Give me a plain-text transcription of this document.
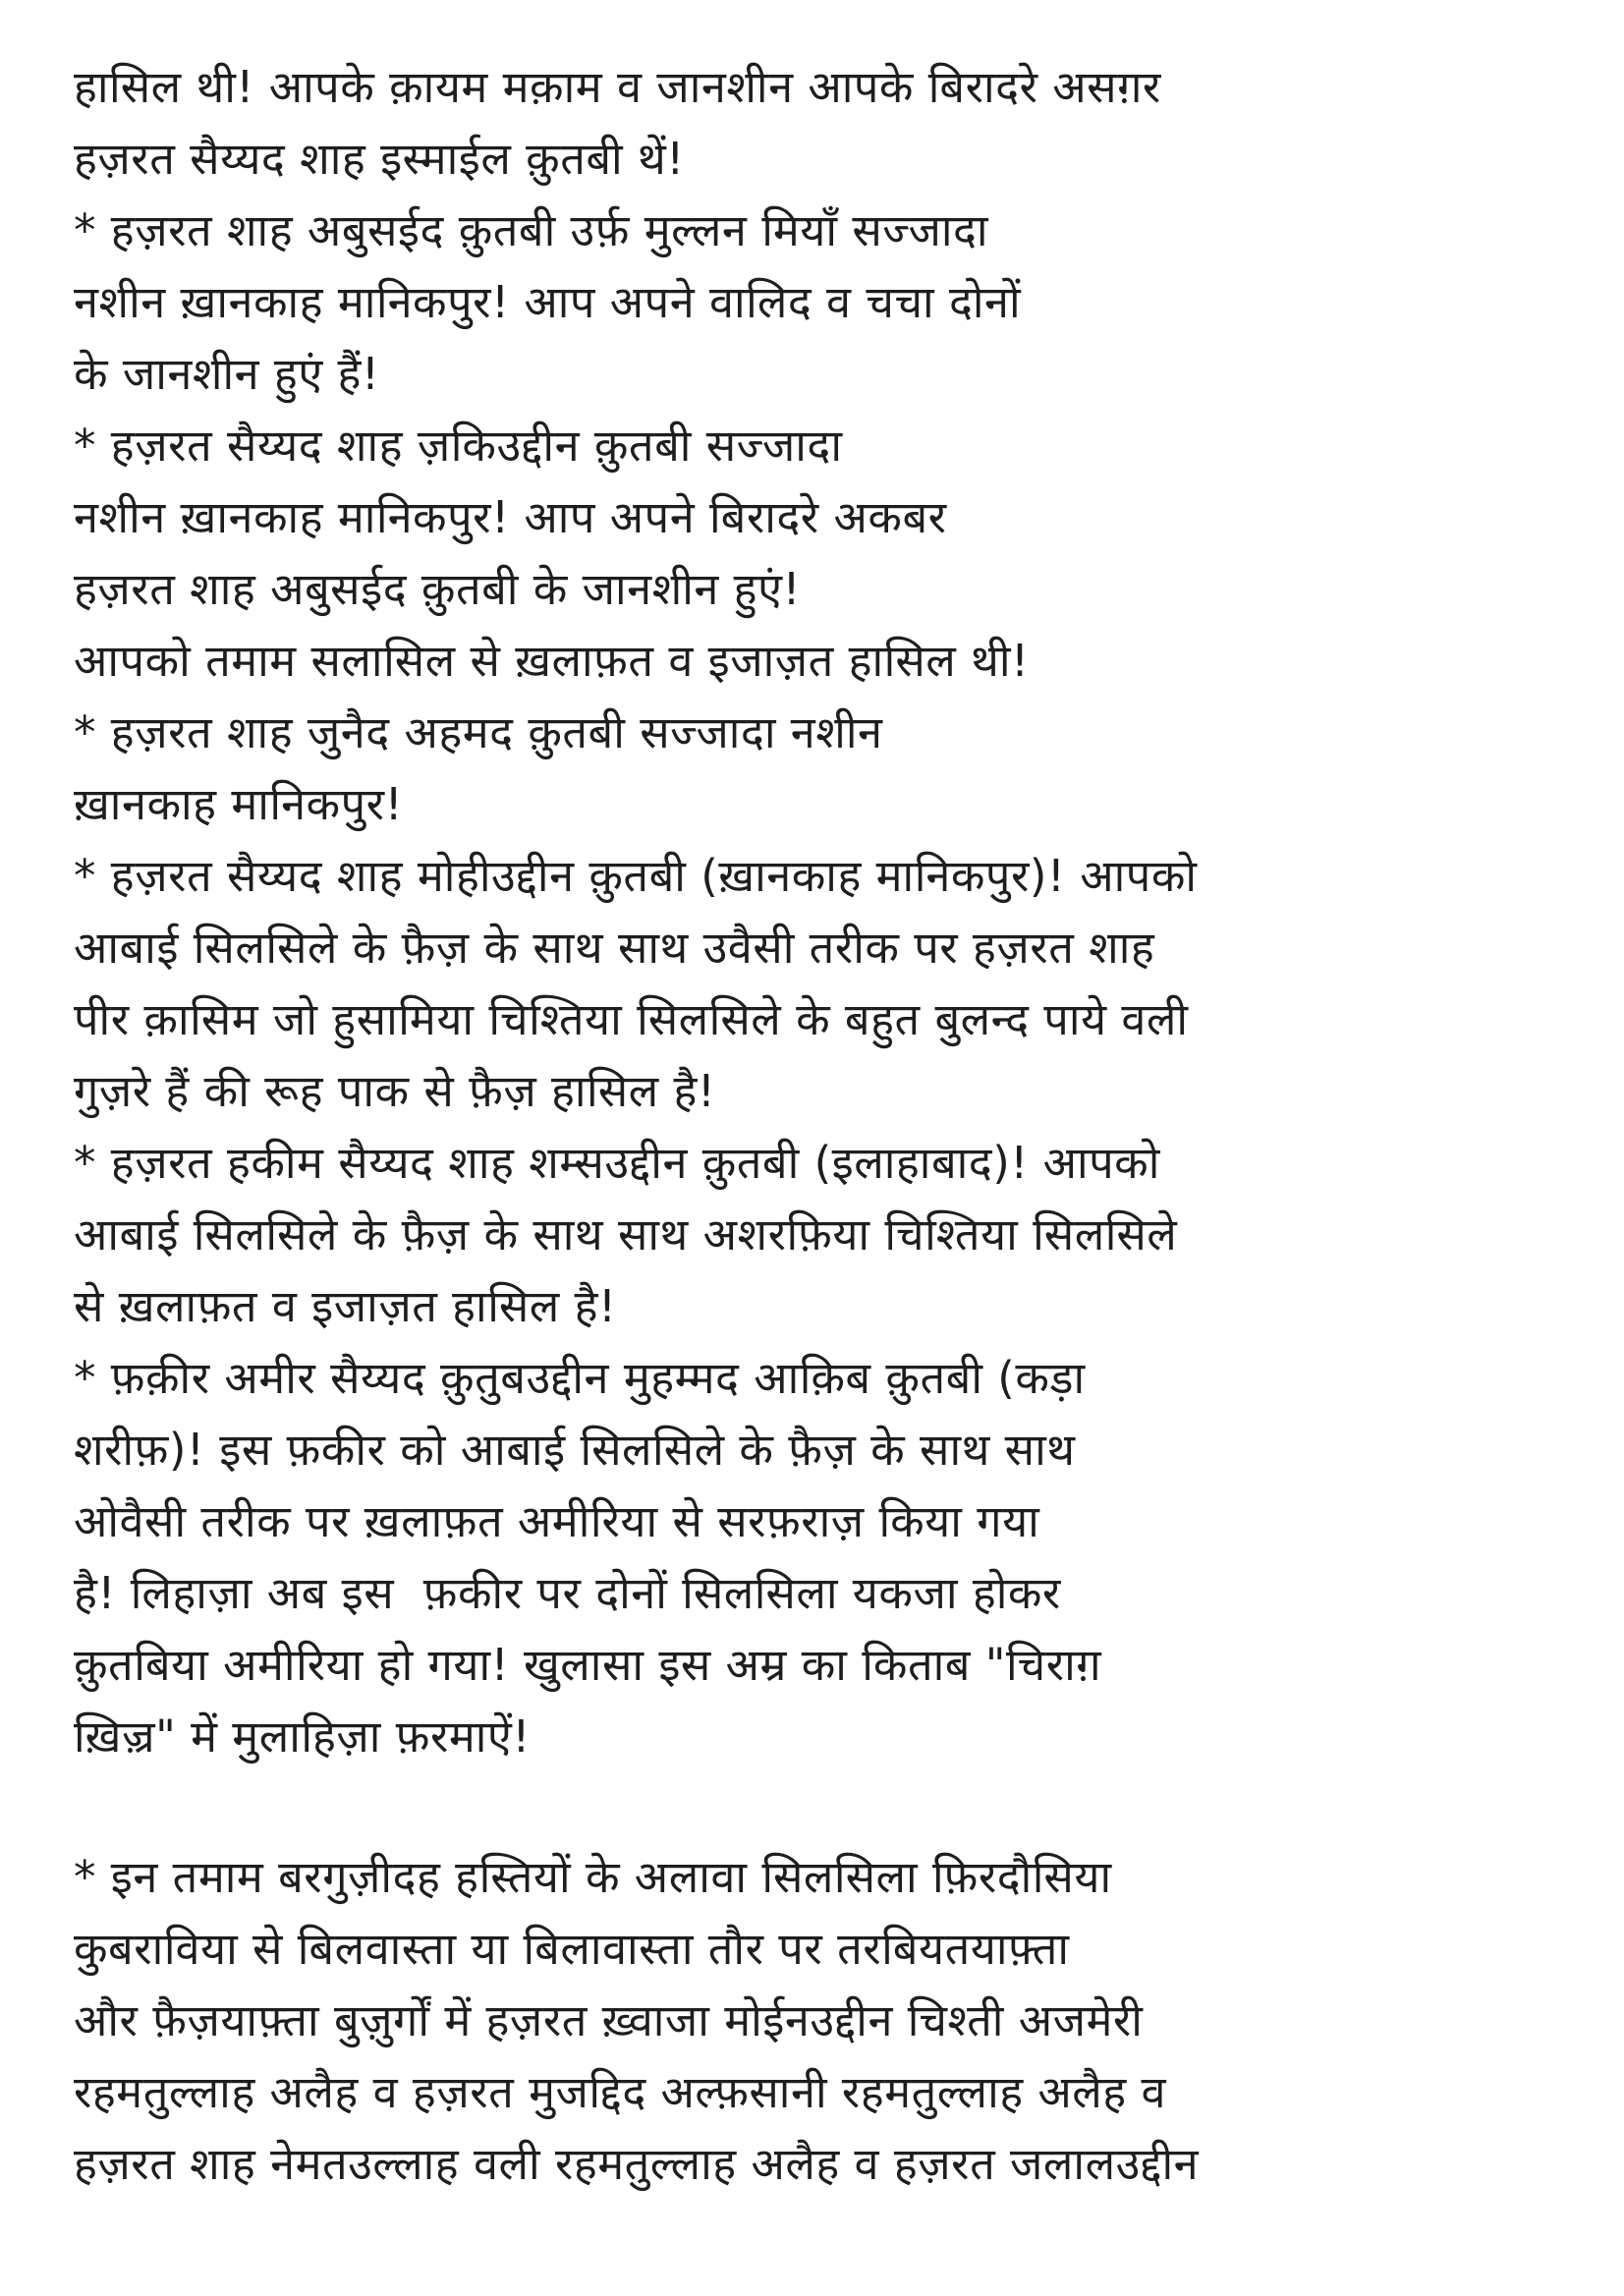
हासिल थी! आपके क़ायम मक़ाम व जानशीन आपके बिरादरे असग़र
हज़रत सैय्यद शाह इस्माईल क़ुतबी थें!
* हज़रत शाह अबुसईद क़ुतबी उर्फ़ मुल्लन मियाँ सज्जादा
नशीन ख़ानकाह मानिकपुर! आप अपने वालिद व चचा दोनों
के जानशीन हुएं हैं!
* हज़रत सैय्यद शाह ज़किउद्दीन क़ुतबी सज्जादा
नशीन ख़ानकाह मानिकपुर! आप अपने बिरादरे अकबर
हज़रत शाह अबुसईद क़ुतबी के जानशीन हुएं!
आपको तमाम सलासिल से ख़लाफ़त व इजाज़त हासिल थी!
* हज़रत शाह जुनैद अहमद क़ुतबी सज्जादा नशीन
ख़ानकाह मानिकपुर!
* हज़रत सैय्यद शाह मोहीउद्दीन क़ुतबी (ख़ानकाह मानिकपुर)! आपको
आबाई सिलसिले के फ़ैज़ के साथ साथ उवैसी तरीक पर हज़रत शाह
पीर क़ासिम जो हुसामिया चिश्तिया सिलसिले के बहुत बुलन्द पाये वली
गुज़रे हैं की रूह पाक से फ़ैज़ हासिल है!
* हज़रत हकीम सैय्यद शाह शम्सउद्दीन क़ुतबी (इलाहाबाद)! आपको
आबाई सिलसिले के फ़ैज़ के साथ साथ अशरफ़िया चिश्तिया सिलसिले
से ख़लाफ़त व इजाज़त हासिल है!
* फ़क़ीर अमीर सैय्यद क़ुतुबउद्दीन मुहम्मद आक़िब क़ुतबी (कड़ा
शरीफ़)! इस फ़कीर को आबाई सिलसिले के फ़ैज़ के साथ साथ
ओवैसी तरीक पर ख़लाफ़त अमीरिया से सरफ़राज़ किया गया
है! लिहाज़ा अब इस  फ़कीर पर दोनों सिलसिला यकजा होकर
क़ुतबिया अमीरिया हो गया! खुलासा इस अम्र का किताब "चिराग़
ख़िज़्र" में मुलाहिज़ा फ़रमाऐं!
* इन तमाम बरगुज़ीदह हस्तियों के अलावा सिलसिला फ़िरदौसिया
कुबराविया से बिलवास्ता या बिलावास्ता तौर पर तरबियतयाफ़्ता
और फ़ैज़याफ़्ता बुज़ुर्गों में हज़रत ख़्वाजा मोईनउद्दीन चिश्ती अजमेरी
रहमतुल्लाह अलैह व हज़रत मुजद्दिद अल्फ़सानी रहमतुल्लाह अलैह व
हज़रत शाह नेमतउल्लाह वली रहमतुल्लाह अलैह व हज़रत जलालउद्दीन
